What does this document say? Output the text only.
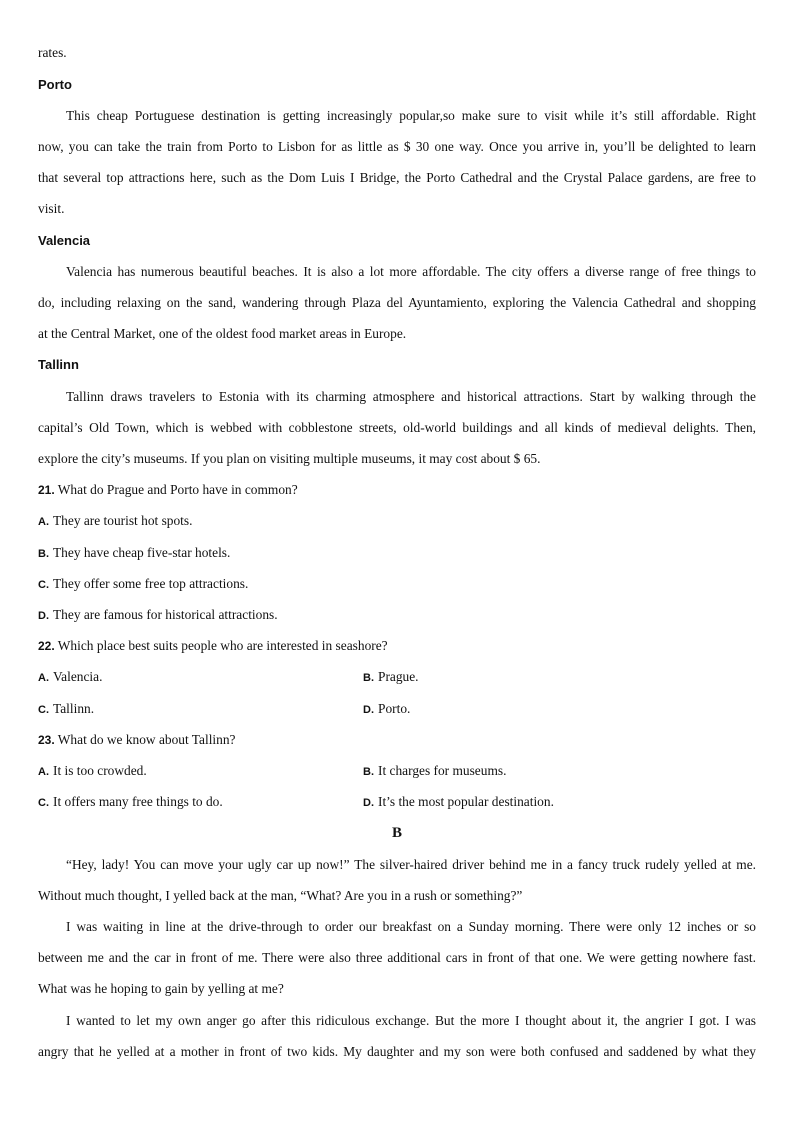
rates.
Porto
This cheap Portuguese destination is getting increasingly popular,so make sure to visit while it’s still affordable. Right
now, you can take the train from Porto to Lisbon for as little as $ 30 one way. Once you arrive in, you’ll be delighted to learn
that several top attractions here, such as the Dom Luis I Bridge, the Porto Cathedral and the Crystal Palace gardens, are free to
visit.
Valencia
Valencia has numerous beautiful beaches. It is also a lot more affordable. The city offers a diverse range of free things to
do, including relaxing on the sand, wandering through Plaza del Ayuntamiento, exploring the Valencia Cathedral and shopping
at the Central Market, one of the oldest food market areas in Europe.
Tallinn
Tallinn draws travelers to Estonia with its charming atmosphere and historical attractions. Start by walking through the
capital’s Old Town, which is webbed with cobblestone streets, old-world buildings and all kinds of medieval delights. Then,
explore the city’s museums. If you plan on visiting multiple museums, it may cost about $ 65.
21. What do Prague and Porto have in common?
A. They are tourist hot spots.
B. They have cheap five-star hotels.
C. They offer some free top attractions.
D. They are famous for historical attractions.
22. Which place best suits people who are interested in seashore?
A. Valencia.	B. Prague.
C. Tallinn.	D. Porto.
23. What do we know about Tallinn?
A. It is too crowded.	B. It charges for museums.
C. It offers many free things to do.	D. It’s the most popular destination.
B
“Hey, lady! You can move your ugly car up now!” The silver-haired driver behind me in a fancy truck rudely yelled at me.
Without much thought, I yelled back at the man, “What? Are you in a rush or something?”
I was waiting in line at the drive-through to order our breakfast on a Sunday morning. There were only 12 inches or so
between me and the car in front of me. There were also three additional cars in front of that one. We were getting nowhere fast.
What was he hoping to gain by yelling at me?
I wanted to let my own anger go after this ridiculous exchange. But the more I thought about it, the angrier I got. I was
angry that he yelled at a mother in front of two kids. My daughter and my son were both confused and saddened by what they
